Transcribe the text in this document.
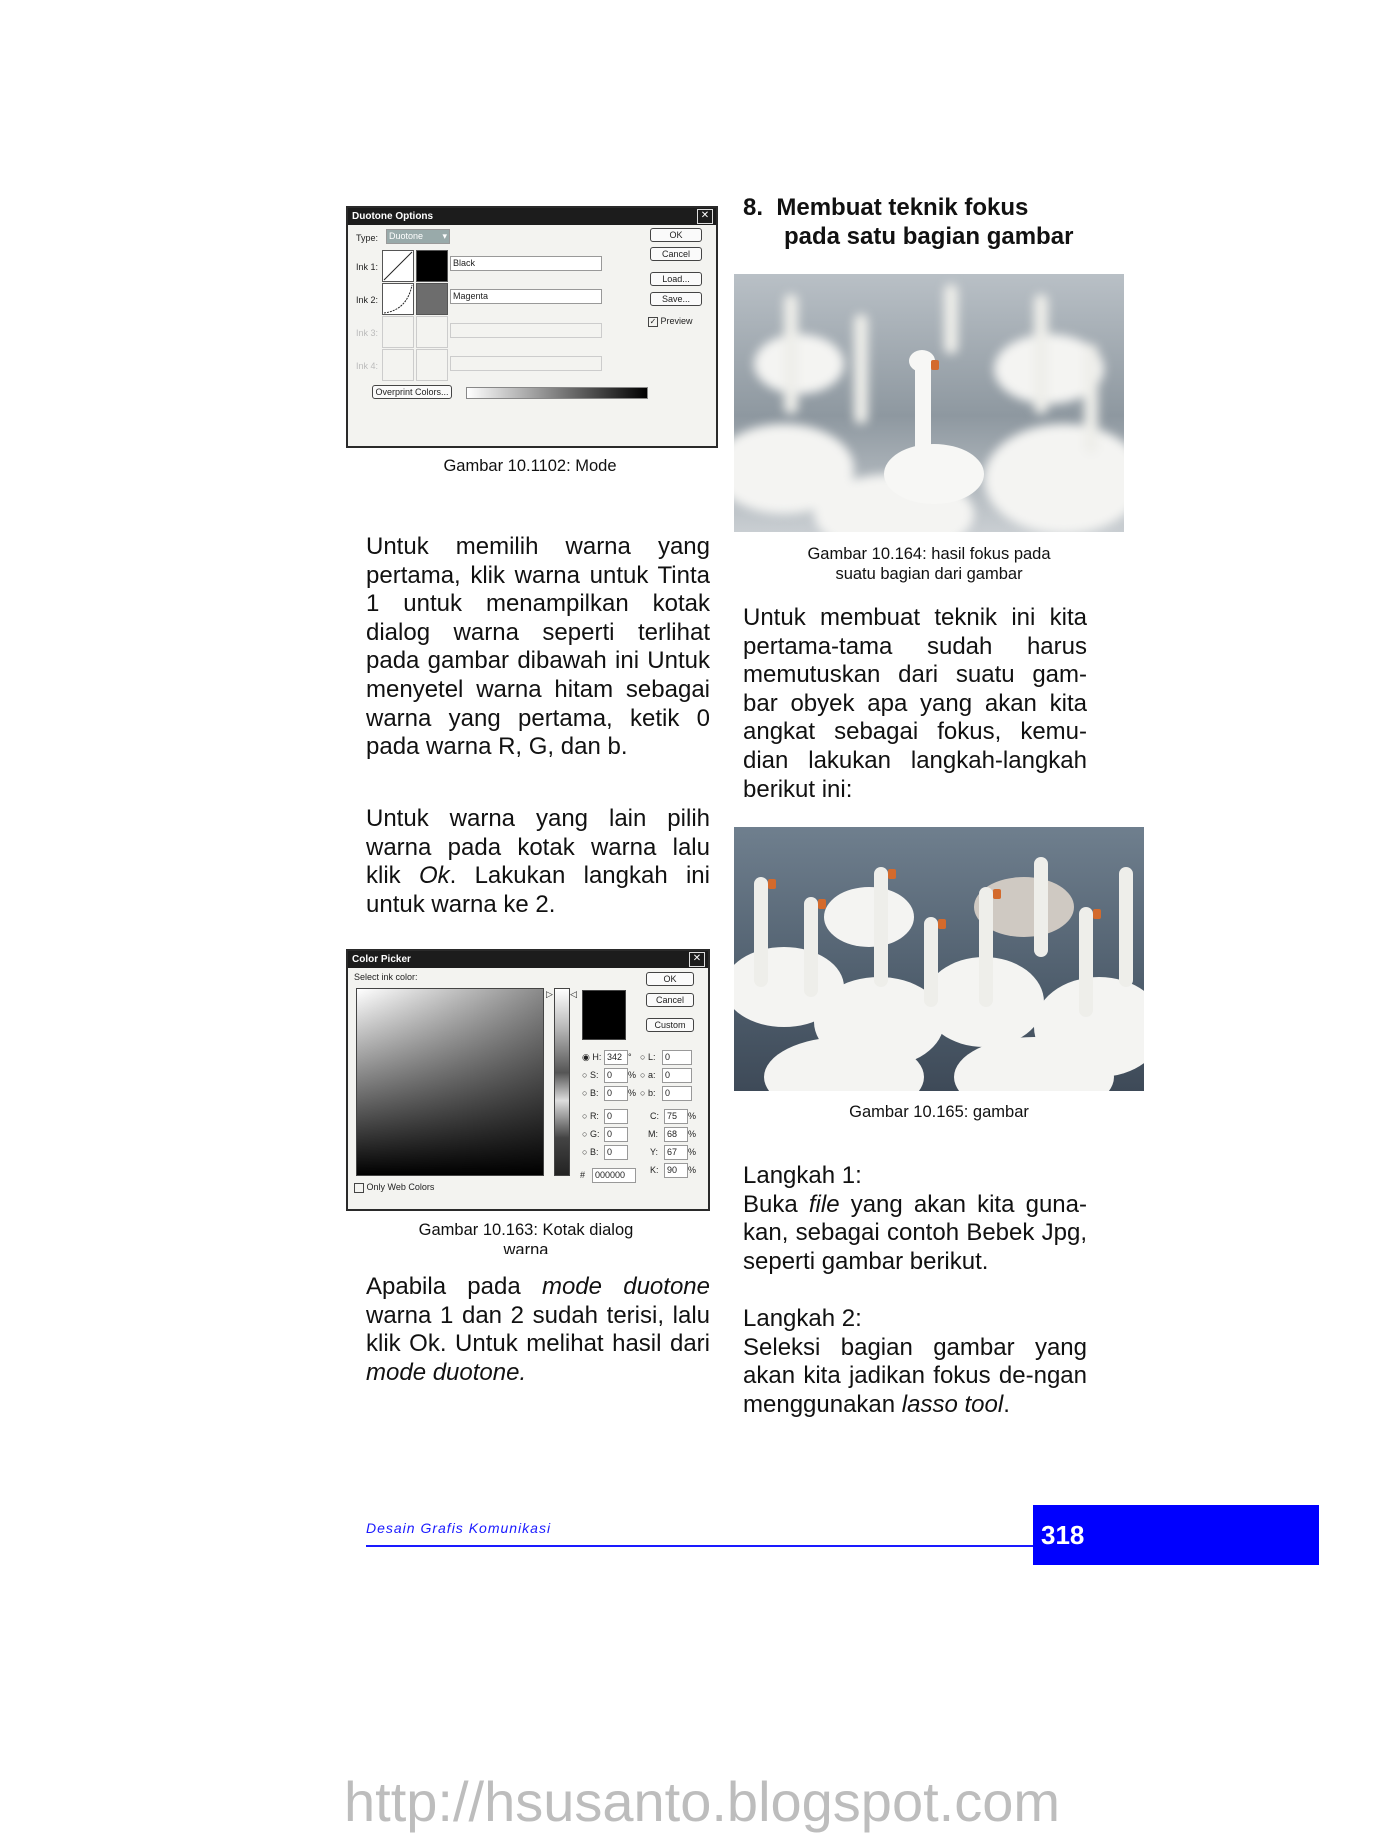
Duotone Options	✕
Type:	Duotone ▾
Ink 1:	Black
Ink 2:	Magenta
Ink 3:
Ink 4:
OK
Cancel
Load...
Save...
✓ Preview
Overprint Colors...
Gambar 10.1102: Mode

Untuk memilih warna yang pertama, klik warna untuk Tinta 1 untuk menampilkan kotak dialog warna seperti terlihat pada gambar dibawah ini Untuk menyetel warna hitam sebagai warna yang pertama, ketik 0 pada warna R, G, dan b.

Untuk warna yang lain pilih warna pada kotak warna lalu klik Ok. Lakukan langkah ini untuk warna ke 2.

Color Picker	✕
Select ink color:
▷ ◁
OK
Cancel
Custom
◉ H: 342 °
○ S: 0	%
○ B: 0	%
○ L:	0
○ a:	0
○ b:	0
○ R: 0
○ G: 0
○ B: 0
C: 75	%
M:	68	%
Y: 67	%
K: 90	%
#	000000
Only Web Colors
Gambar 10.163: Kotak dialog
warna

Apabila pada mode duotone warna 1 dan 2 sudah terisi, lalu klik Ok. Untuk melihat hasil dari mode duotone.

8. Membuat teknik fokus
pada satu bagian gambar
Gambar 10.164: hasil fokus pada
suatu bagian dari gambar

Untuk membuat teknik ini kita pertama-tama sudah harus memutuskan dari suatu gam-bar obyek apa yang akan kita angkat sebagai fokus, kemu-dian lakukan langkah-langkah berikut ini:

Gambar 10.165: gambar
Langkah 1:
Buka file yang akan kita guna-kan, sebagai contoh Bebek Jpg, seperti gambar berikut.
Langkah 2:
Seleksi bagian gambar yang akan kita jadikan fokus de-ngan menggunakan lasso tool.
Desain Grafis Komunikasi	318
http://hsusanto.blogspot.com
